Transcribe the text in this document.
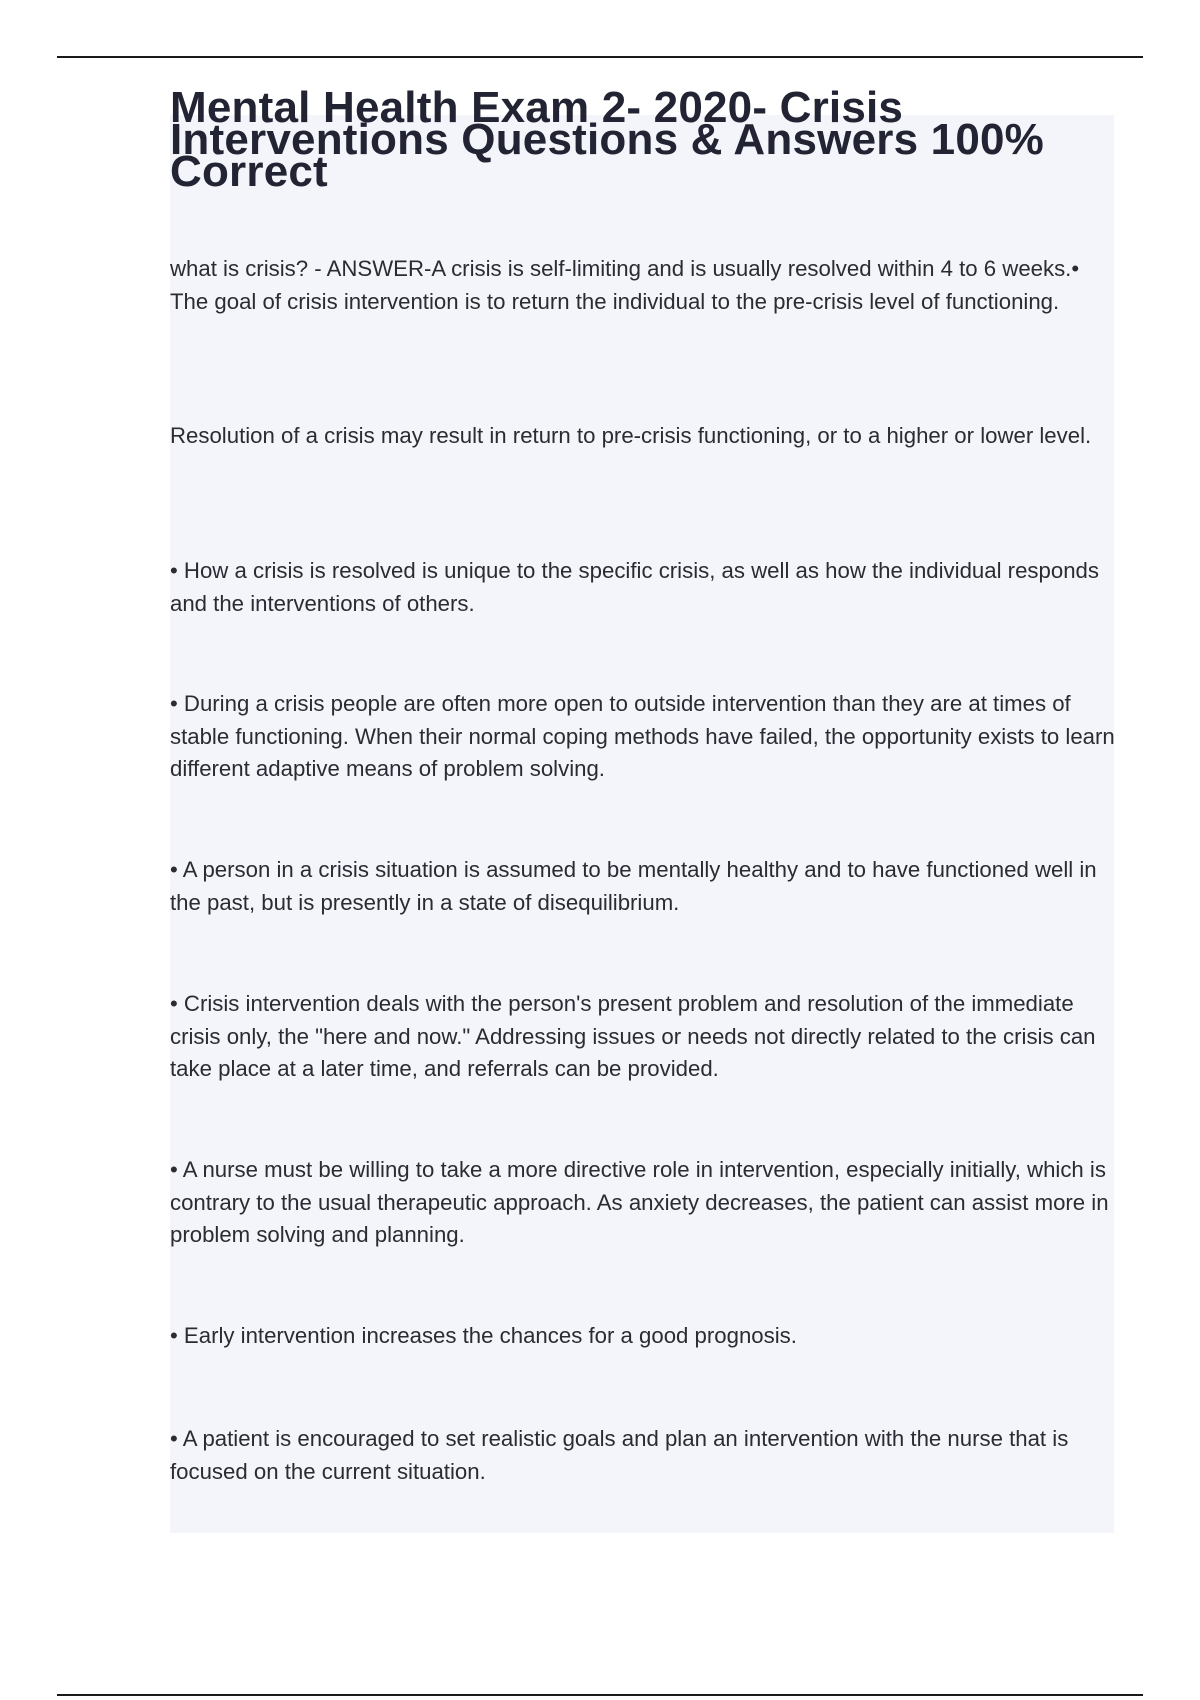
Mental Health Exam 2- 2020- Crisis Interventions Questions & Answers 100% Correct

what is crisis? - ANSWER-A crisis is self-limiting and is usually resolved within 4 to 6 weeks.• The goal of crisis intervention is to return the individual to the pre-crisis level of functioning.

Resolution of a crisis may result in return to pre-crisis functioning, or to a higher or lower level.

• How a crisis is resolved is unique to the specific crisis, as well as how the individual responds and the interventions of others.

• During a crisis people are often more open to outside intervention than they are at times of stable functioning. When their normal coping methods have failed, the opportunity exists to learn different adaptive means of problem solving.

• A person in a crisis situation is assumed to be mentally healthy and to have functioned well in the past, but is presently in a state of disequilibrium.

• Crisis intervention deals with the person's present problem and resolution of the immediate crisis only, the "here and now." Addressing issues or needs not directly related to the crisis can take place at a later time, and referrals can be provided.

• A nurse must be willing to take a more directive role in intervention, especially initially, which is contrary to the usual therapeutic approach. As anxiety decreases, the patient can assist more in problem solving and planning.

• Early intervention increases the chances for a good prognosis.

• A patient is encouraged to set realistic goals and plan an intervention with the nurse that is focused on the current situation.
